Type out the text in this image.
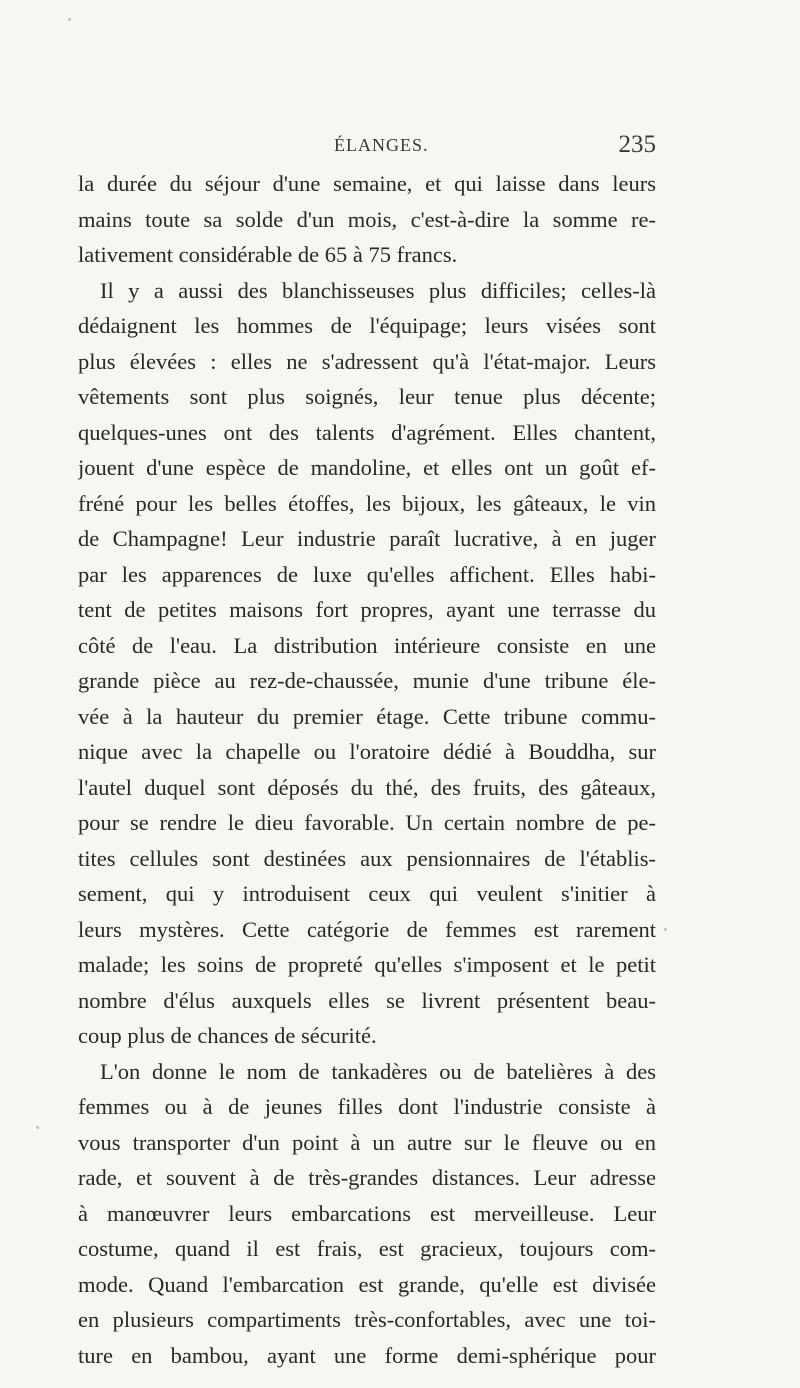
ÉLANGES.	235
la durée du séjour d'une semaine, et qui laisse dans leurs
mains toute sa solde d'un mois, c'est-à-dire la somme re-
lativement considérable de 65 à 75 francs.
Il y a aussi des blanchisseuses plus difficiles; celles-là
dédaignent les hommes de l'équipage; leurs visées sont
plus élevées : elles ne s'adressent qu'à l'état-major. Leurs
vêtements sont plus soignés, leur tenue plus décente;
quelques-unes ont des talents d'agrément. Elles chantent,
jouent d'une espèce de mandoline, et elles ont un goût ef-
fréné pour les belles étoffes, les bijoux, les gâteaux, le vin
de Champagne! Leur industrie paraît lucrative, à en juger
par les apparences de luxe qu'elles affichent. Elles habi-
tent de petites maisons fort propres, ayant une terrasse du
côté de l'eau. La distribution intérieure consiste en une
grande pièce au rez-de-chaussée, munie d'une tribune éle-
vée à la hauteur du premier étage. Cette tribune commu-
nique avec la chapelle ou l'oratoire dédié à Bouddha, sur
l'autel duquel sont déposés du thé, des fruits, des gâteaux,
pour se rendre le dieu favorable. Un certain nombre de pe-
tites cellules sont destinées aux pensionnaires de l'établis-
sement, qui y introduisent ceux qui veulent s'initier à
leurs mystères. Cette catégorie de femmes est rarement
malade; les soins de propreté qu'elles s'imposent et le petit
nombre d'élus auxquels elles se livrent présentent beau-
coup plus de chances de sécurité.
L'on donne le nom de tankadères ou de batelières à des
femmes ou à de jeunes filles dont l'industrie consiste à
vous transporter d'un point à un autre sur le fleuve ou en
rade, et souvent à de très-grandes distances. Leur adresse
à manœuvrer leurs embarcations est merveilleuse. Leur
costume, quand il est frais, est gracieux, toujours com-
mode. Quand l'embarcation est grande, qu'elle est divisée
en plusieurs compartiments très-confortables, avec une toi-
ture en bambou, ayant une forme demi-sphérique pour
